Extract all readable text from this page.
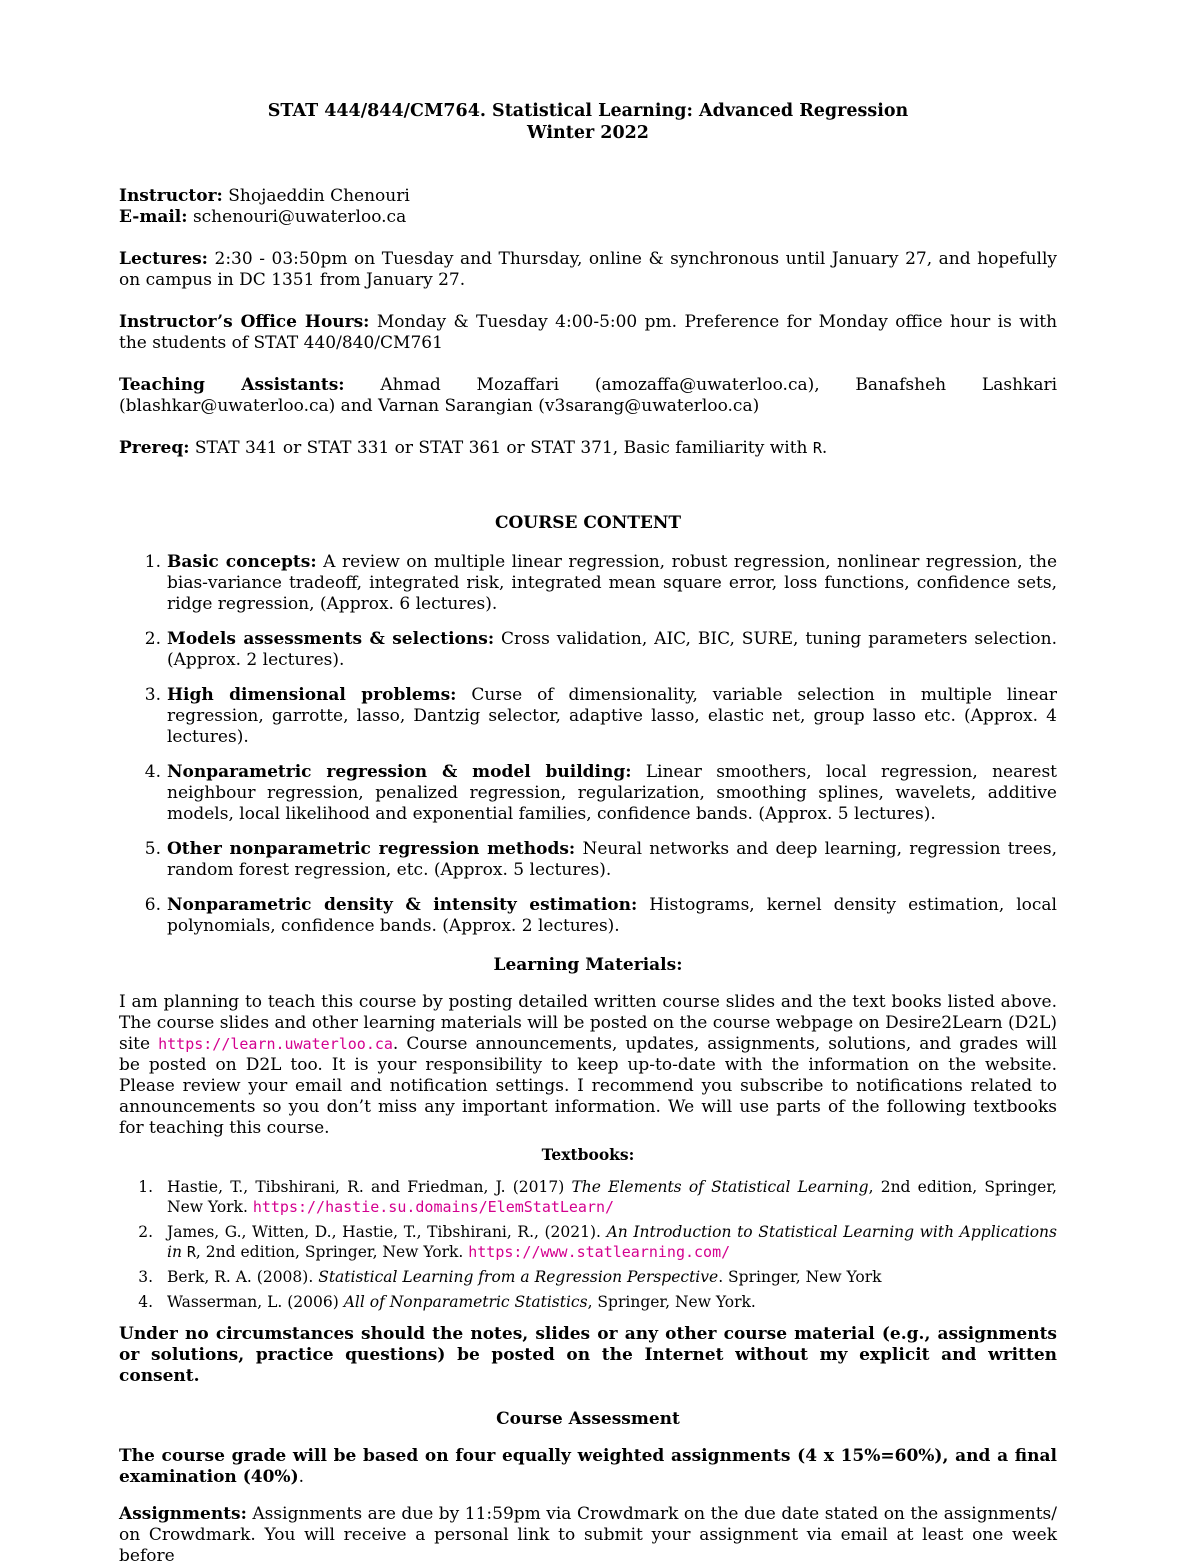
STAT 444/844/CM764. Statistical Learning: Advanced Regression
Winter 2022

Instructor: Shojaeddin Chenouri
E-mail: schenouri@uwaterloo.ca

Lectures: 2:30 - 03:50pm on Tuesday and Thursday, online & synchronous until January 27, and hopefully on campus in DC 1351 from January 27.

Instructor’s Office Hours: Monday & Tuesday 4:00-5:00 pm. Preference for Monday office hour is with the students of STAT 440/840/CM761

Teaching Assistants: Ahmad Mozaffari (amozaffa@uwaterloo.ca), Banafsheh Lashkari (blashkar@uwaterloo.ca) and Varnan Sarangian (v3sarang@uwaterloo.ca)

Prereq: STAT 341 or STAT 331 or STAT 361 or STAT 371, Basic familiarity with R.

COURSE CONTENT
1. Basic concepts: A review on multiple linear regression, robust regression, nonlinear regression, the bias-variance tradeoff, integrated risk, integrated mean square error, loss functions, confidence sets, ridge regression, (Approx. 6 lectures).
2. Models assessments & selections: Cross validation, AIC, BIC, SURE, tuning parameters selection. (Approx. 2 lectures).
3. High dimensional problems: Curse of dimensionality, variable selection in multiple linear regression, garrotte, lasso, Dantzig selector, adaptive lasso, elastic net, group lasso etc. (Approx. 4 lectures).
4. Nonparametric regression & model building: Linear smoothers, local regression, nearest neighbour regression, penalized regression, regularization, smoothing splines, wavelets, additive models, local likelihood and exponential families, confidence bands. (Approx. 5 lectures).
5. Other nonparametric regression methods: Neural networks and deep learning, regression trees, random forest regression, etc. (Approx. 5 lectures).
6. Nonparametric density & intensity estimation: Histograms, kernel density estimation, local polynomials, confidence bands. (Approx. 2 lectures).
Learning Materials:

I am planning to teach this course by posting detailed written course slides and the text books listed above. The course slides and other learning materials will be posted on the course webpage on Desire2Learn (D2L) site https://learn.uwaterloo.ca. Course announcements, updates, assignments, solutions, and grades will be posted on D2L too. It is your responsibility to keep up-to-date with the information on the website. Please review your email and notification settings. I recommend you subscribe to notifications related to announcements so you don’t miss any important information. We will use parts of the following textbooks for teaching this course.

Textbooks:
1. Hastie, T., Tibshirani, R. and Friedman, J. (2017) The Elements of Statistical Learning, 2nd edition, Springer, New York. https://hastie.su.domains/ElemStatLearn/
2. James, G., Witten, D., Hastie, T., Tibshirani, R., (2021). An Introduction to Statistical Learning with Applications in R, 2nd edition, Springer, New York. https://www.statlearning.com/
3. Berk, R. A. (2008). Statistical Learning from a Regression Perspective. Springer, New York
4. Wasserman, L. (2006) All of Nonparametric Statistics, Springer, New York.

Under no circumstances should the notes, slides or any other course material (e.g., assignments or solutions, practice questions) be posted on the Internet without my explicit and written consent.

Course Assessment

The course grade will be based on four equally weighted assignments (4 x 15%=60%), and a final examination (40%).

Assignments: Assignments are due by 11:59pm via Crowdmark on the due date stated on the assignments/ on Crowdmark. You will receive a personal link to submit your assignment via email at least one week before
